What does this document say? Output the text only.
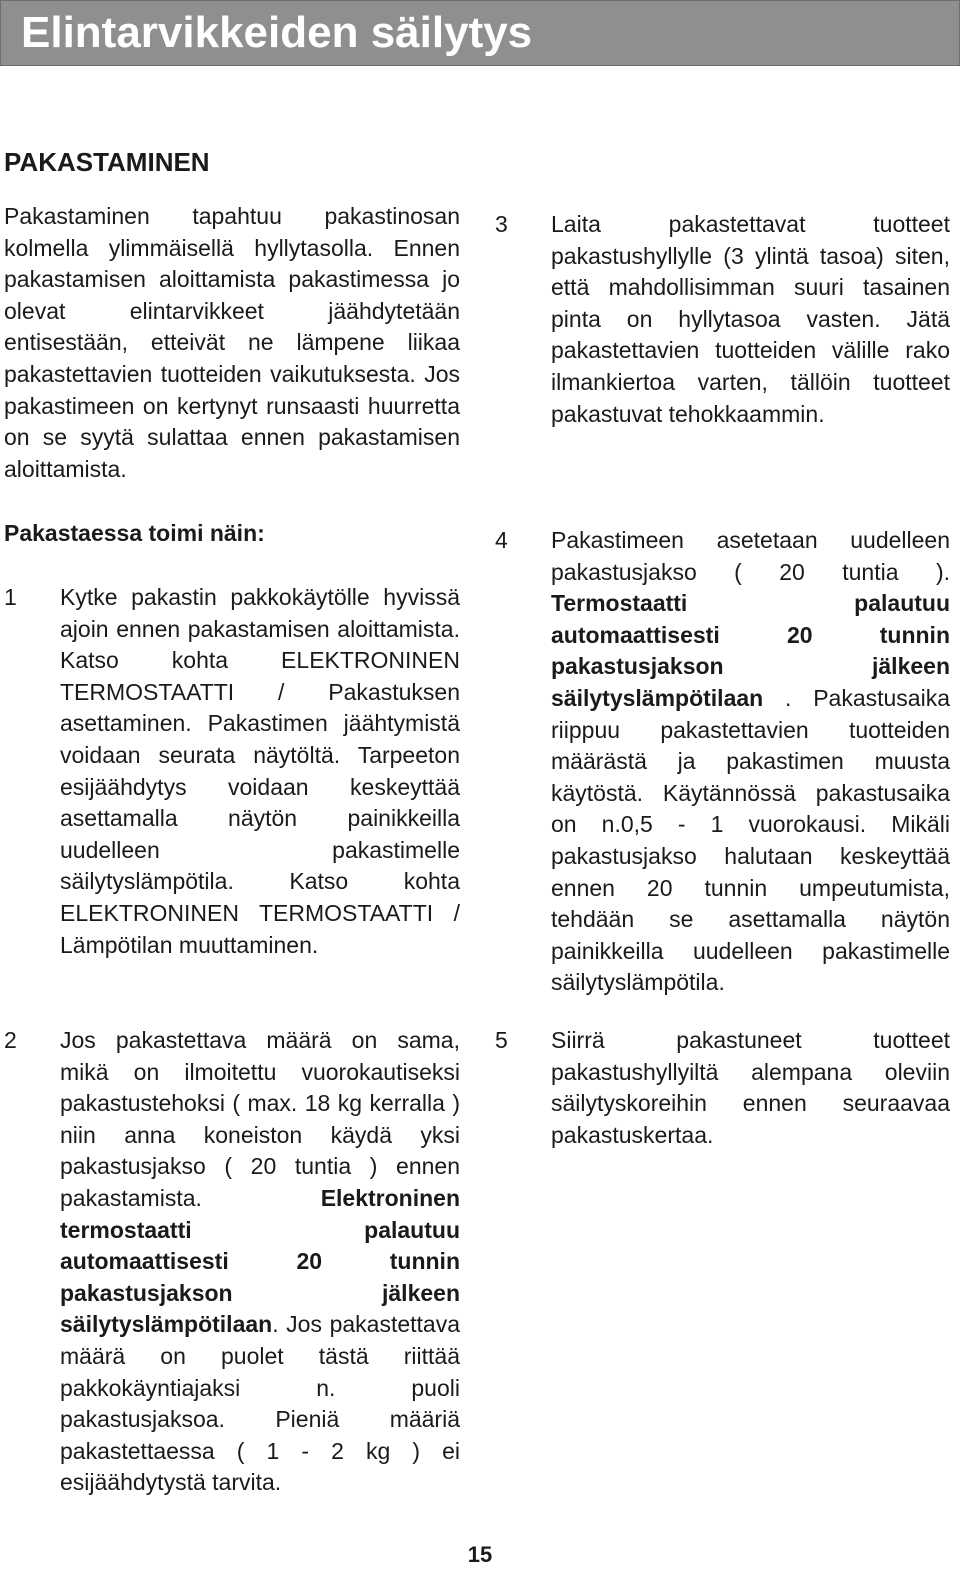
Elintarvikkeiden säilytys
PAKASTAMINEN

Pakastaminen tapahtuu pakastinosan kolmella ylimmäisellä hyllytasolla. Ennen pakastamisen aloittamista pakastimessa jo olevat elintarvikkeet jäähdytetään entisestään, etteivät ne lämpene liikaa pakastettavien tuotteiden vaikutuksesta. Jos pakastimeen on kertynyt runsaasti huurretta on se syytä sulattaa ennen pakastamisen aloittamista.

Pakastaessa toimi näin:

1	Kytke pakastin pakkokäytölle hyvissä ajoin ennen pakastamisen aloittamista. Katso kohta ELEKTRONINEN TERMOSTAATTI / Pakastuksen asettaminen. Pakastimen jäähtymistä voidaan seurata näytöltä. Tarpeeton esijäähdytys voidaan keskeyttää asettamalla näytön painikkeilla uudelleen pakastimelle säilytyslämpötila. Katso kohta ELEKTRONINEN TERMOSTAATTI / Lämpötilan muuttaminen.
2	Jos pakastettava määrä on sama, mikä on ilmoitettu vuorokautiseksi pakastustehoksi ( max. 18 kg kerralla ) niin anna koneiston käydä yksi pakastusjakso ( 20 tuntia ) ennen pakastamista. Elektroninen termostaatti palautuu automaattisesti 20 tunnin pakastusjakson jälkeen säilytyslämpötilaan. Jos pakastettava määrä on puolet tästä riittää pakkokäyntiajaksi n. puoli pakastusjaksoa. Pieniä määriä pakastettaessa ( 1 - 2 kg ) ei esijäähdytystä tarvita.
3	Laita pakastettavat tuotteet pakastushyllylle (3 ylintä tasoa) siten, että mahdollisimman suuri tasainen pinta on hyllytasoa vasten. Jätä pakastettavien tuotteiden välille rako ilmankiertoa varten, tällöin tuotteet pakastuvat tehokkaammin.
4	Pakastimeen asetetaan uudelleen pakastusjakso ( 20 tuntia ). Termostaatti palautuu automaattisesti 20 tunnin pakastusjakson jälkeen säilytyslämpötilaan . Pakastusaika riippuu pakastettavien tuotteiden määrästä ja pakastimen muusta käytöstä. Käytännössä pakastusaika on n.0,5 - 1 vuorokausi. Mikäli pakastusjakso halutaan keskeyttää ennen 20 tunnin umpeutumista, tehdään se asettamalla näytön painikkeilla uudelleen pakastimelle säilytyslämpötila.
5	Siirrä pakastuneet tuotteet pakastushyllyiltä alempana oleviin säilytyskoreihin ennen seuraavaa pakastuskertaa.
15
